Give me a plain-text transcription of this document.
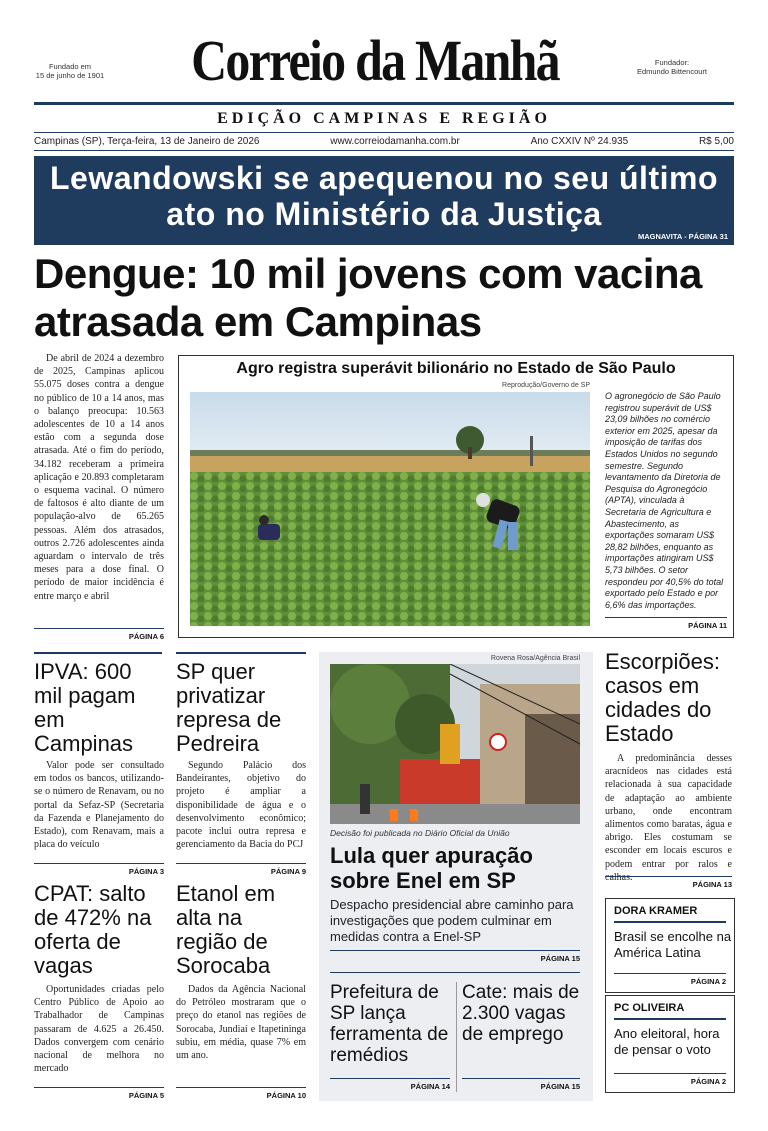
Fundado em
15 de junho de 1901	Correio da Manhã	Fundador:
Edmundo Bittencourt
EDIÇÃO CAMPINAS E REGIÃO
Campinas (SP), Terça-feira, 13 de Janeiro de 2026	www.correiodamanha.com.br	Ano CXXIV Nº 24.935	R$ 5,00
Lewandowski se apequenou no seu último ato no Ministério da Justiça
MAGNAVITA - PÁGINA 31
Dengue: 10 mil jovens com vacina atrasada em Campinas
De abril de 2024 a dezembro de 2025, Campinas aplicou 55.075 doses contra a dengue no público de 10 a 14 anos, mas o balanço preocupa: 10.563 adolescentes de 10 a 14 anos estão com a segunda dose atrasada. Até o fim do período, 34.182 receberam a primeira aplicação e 20.893 completaram o esquema vacinal. O número de faltosos é alto diante de um população-alvo de 65.265 pessoas. Além dos atrasados, outros 2.726 adolescentes ainda aguardam o intervalo de três meses para a dose final. O período de maior incidência é entre março e abril
PÁGINA 6
Agro registra superávit bilionário no Estado de São Paulo
Reprodução/Governo de SP
O agronegócio de São Paulo registrou superávit de US$ 23,09 bilhões no comércio exterior em 2025, apesar da imposição de tarifas dos Estados Unidos no segundo semestre. Segundo levantamento da Diretoria de Pesquisa do Agronegócio (APTA), vinculada à Secretaria de Agricultura e Abastecimento, as exportações somaram US$ 28,82 bilhões, enquanto as importações atingiram US$ 5,73 bilhões. O setor respondeu por 40,5% do total exportado pelo Estado e por 6,6% das importações.
PÁGINA 11
IPVA: 600 mil pagam em Campinas
Valor pode ser consultado em todos os bancos, utilizando-se o número de Renavam, ou no portal da Sefaz-SP (Secretaria da Fazenda e Planejamento do Estado), com Renavam, mais a placa do veículo
PÁGINA 3
SP quer privatizar represa de Pedreira
Segundo Palácio dos Bandeirantes, objetivo do projeto é ampliar a disponibilidade de água e o desenvolvimento econômico; pacote inclui outra represa e gerenciamento da Bacia do PCJ
PÁGINA 9
CPAT: salto de 472% na oferta de vagas
Oportunidades criadas pelo Centro Público de Apoio ao Trabalhador de Campinas passaram de 4.625 a 26.450. Dados convergem com cenário nacional de melhora no mercado
PÁGINA 5
Etanol em alta na região de Sorocaba
Dados da Agência Nacional do Petróleo mostraram que o preço do etanol nas regiões de Sorocaba, Jundiaí e Itapetininga subiu, em média, quase 7% em um ano.
PÁGINA 10
Rovena Rosa/Agência Brasil
Decisão foi publicada no Diário Oficial da União
Lula quer apuração sobre Enel em SP
Despacho presidencial abre caminho para investigações que podem culminar em medidas contra a Enel-SP
PÁGINA 15
Prefeitura de SP lança ferramenta de remédios
PÁGINA 14
Cate: mais de 2.300 vagas de emprego
PÁGINA 15
Escorpiões: casos em cidades do Estado
A predominância desses aracnídeos nas cidades está relacionada à sua capacidade de adaptação ao ambiente urbano, onde encontram alimentos como baratas, água e abrigo. Eles costumam se esconder em locais escuros e podem entrar por ralos e calhas.
PÁGINA 13
DORA KRAMER
Brasil se encolhe na América Latina
PÁGINA 2
PC OLIVEIRA
Ano eleitoral, hora de pensar o voto
PÁGINA 2
